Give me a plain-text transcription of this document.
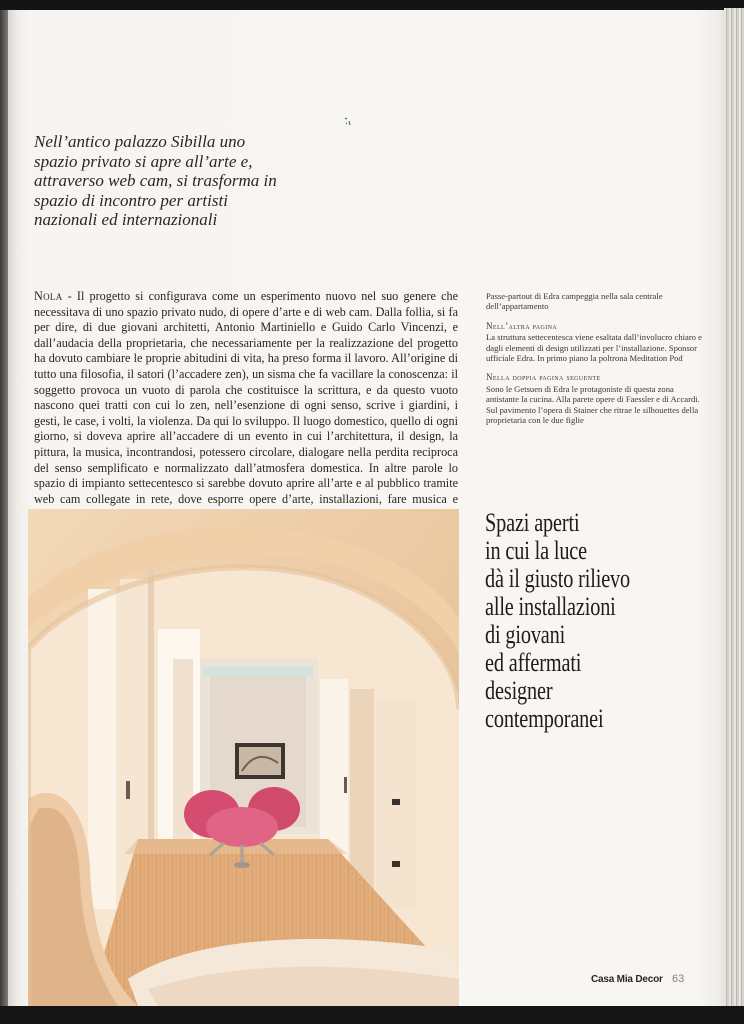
Nell’antico palazzo Sibilla uno spazio privato si apre all’arte e, attraverso web cam, si trasforma in spazio di incontro per artisti nazionali ed internazionali

Nola - Il progetto si configurava come un esperimento nuovo nel suo genere che necessitava di uno spazio privato nudo, di opere d’arte e di web cam. Dalla follia, si fa per dire, di due giovani architetti, Antonio Martiniello e Guido Carlo Vincenzi, e dall’audacia della proprietaria, che necessariamente per la realizzazione del progetto ha dovuto cambiare le proprie abitudini di vita, ha preso forma il lavoro. All’origine di tutto una filosofia, il satori (l’accadere zen), un sisma che fa vacillare la conoscenza: il soggetto provoca un vuoto di parola che costituisce la scrittura, e da questo vuoto nascono quei tratti con cui lo zen, nell’esenzione di ogni senso, scrive i giardini, i gesti, le case, i volti, la violenza. Da qui lo sviluppo. Il luogo domestico, quello di ogni giorno, si doveva aprire all’accadere di un evento in cui l’architettura, il design, la pittura, la musica, incontrandosi, potessero circolare, dialogare nella perdita reciproca del senso semplificato e normalizzato dall’atmosfera domestica. In altre parole lo spazio di impianto settecentesco si sarebbe dovuto aprire all’arte e al pubblico tramite web cam collegate in rete, dove esporre opere d’arte, installazioni, fare musica e

Passe-partout di Edra campeggia nella sala centrale dell’appartamento

Nell’altra pagina
La struttura settecentesca viene esaltata dall’involucro chiaro e dagli elementi di design utilizzati per l’installazione. Sponsor ufficiale Edra. In primo piano la poltrona Meditation Pod

Nella doppia pagina seguente
Sono le Getsuen di Edra le protagoniste di questa zona antistante la cucina. Alla parete opere di Faessler e di Accardi. Sul pavimento l’opera di Stainer che ritrae le silhouettes della proprietaria con le due figlie

Spazi aperti
in cui la luce
dà il giusto rilievo
alle installazioni
di giovani
ed affermati
designer
contemporanei

Casa Mia Decor 63
